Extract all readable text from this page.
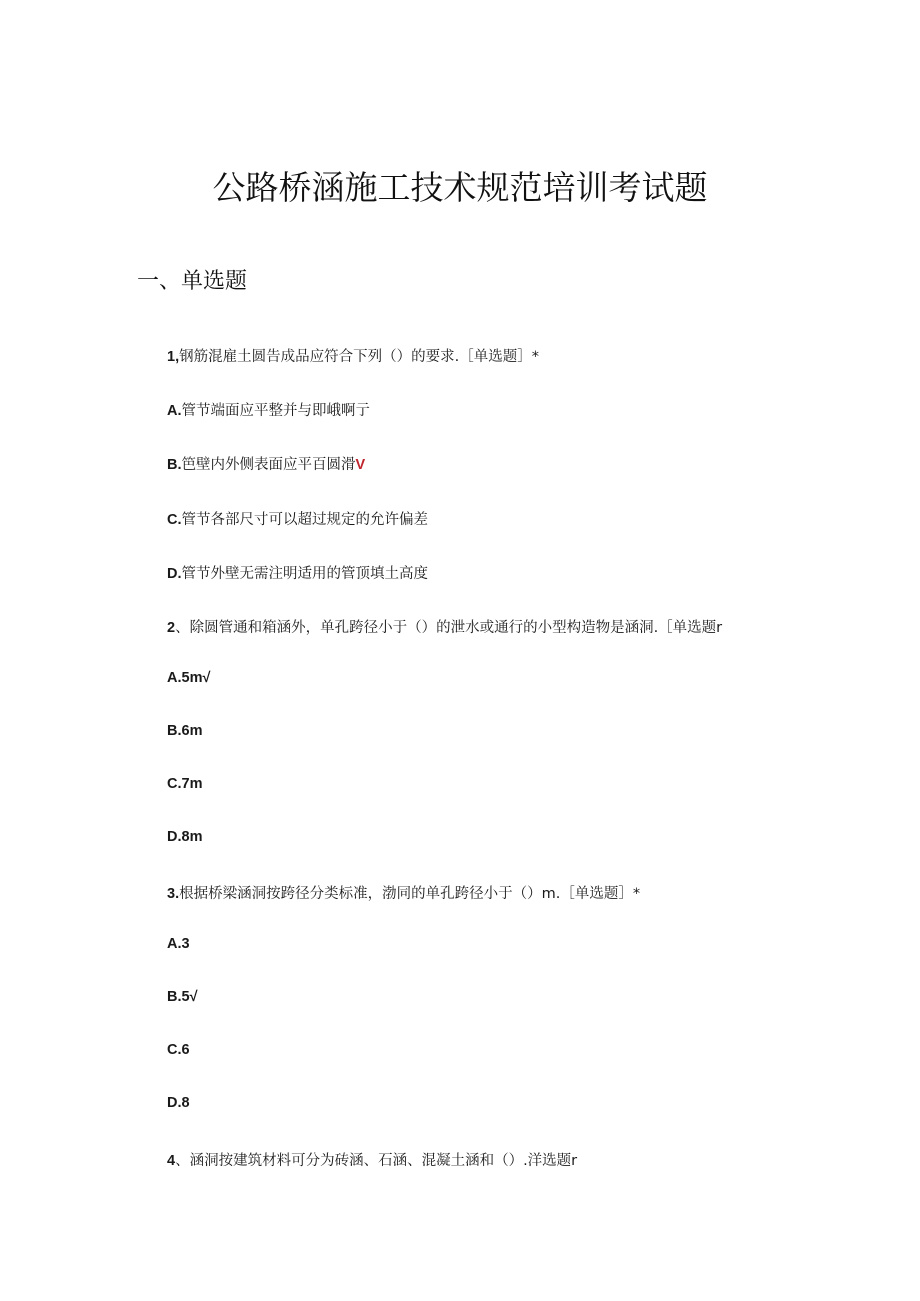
公路桥涵施工技术规范培训考试题
一、单选题
1,钢筋混雇土圆告成品应符合下列（）的要求.［单选题］*
A.管节端面应平整并与即峨啊亍
B.笆壁内外侧表面应平百圆滑V
C.管节各部尺寸可以超过规定的允许偏差
D.管节外壁无需注明适用的管顶填土高度
2、除圆管通和箱涵外，单孔跨径小于（）的泄水或通行的小型构造物是涵洞.［单选题r
A.5m√
B.6m
C.7m
D.8m
3.根据桥梁涵洞按跨径分类标准，渤同的单孔跨径小于（）m.［单选题］*
A.3
B.5√
C.6
D.8
4、涵洞按建筑材料可分为砖涵、石涵、混凝土涵和（）.洋选题r
